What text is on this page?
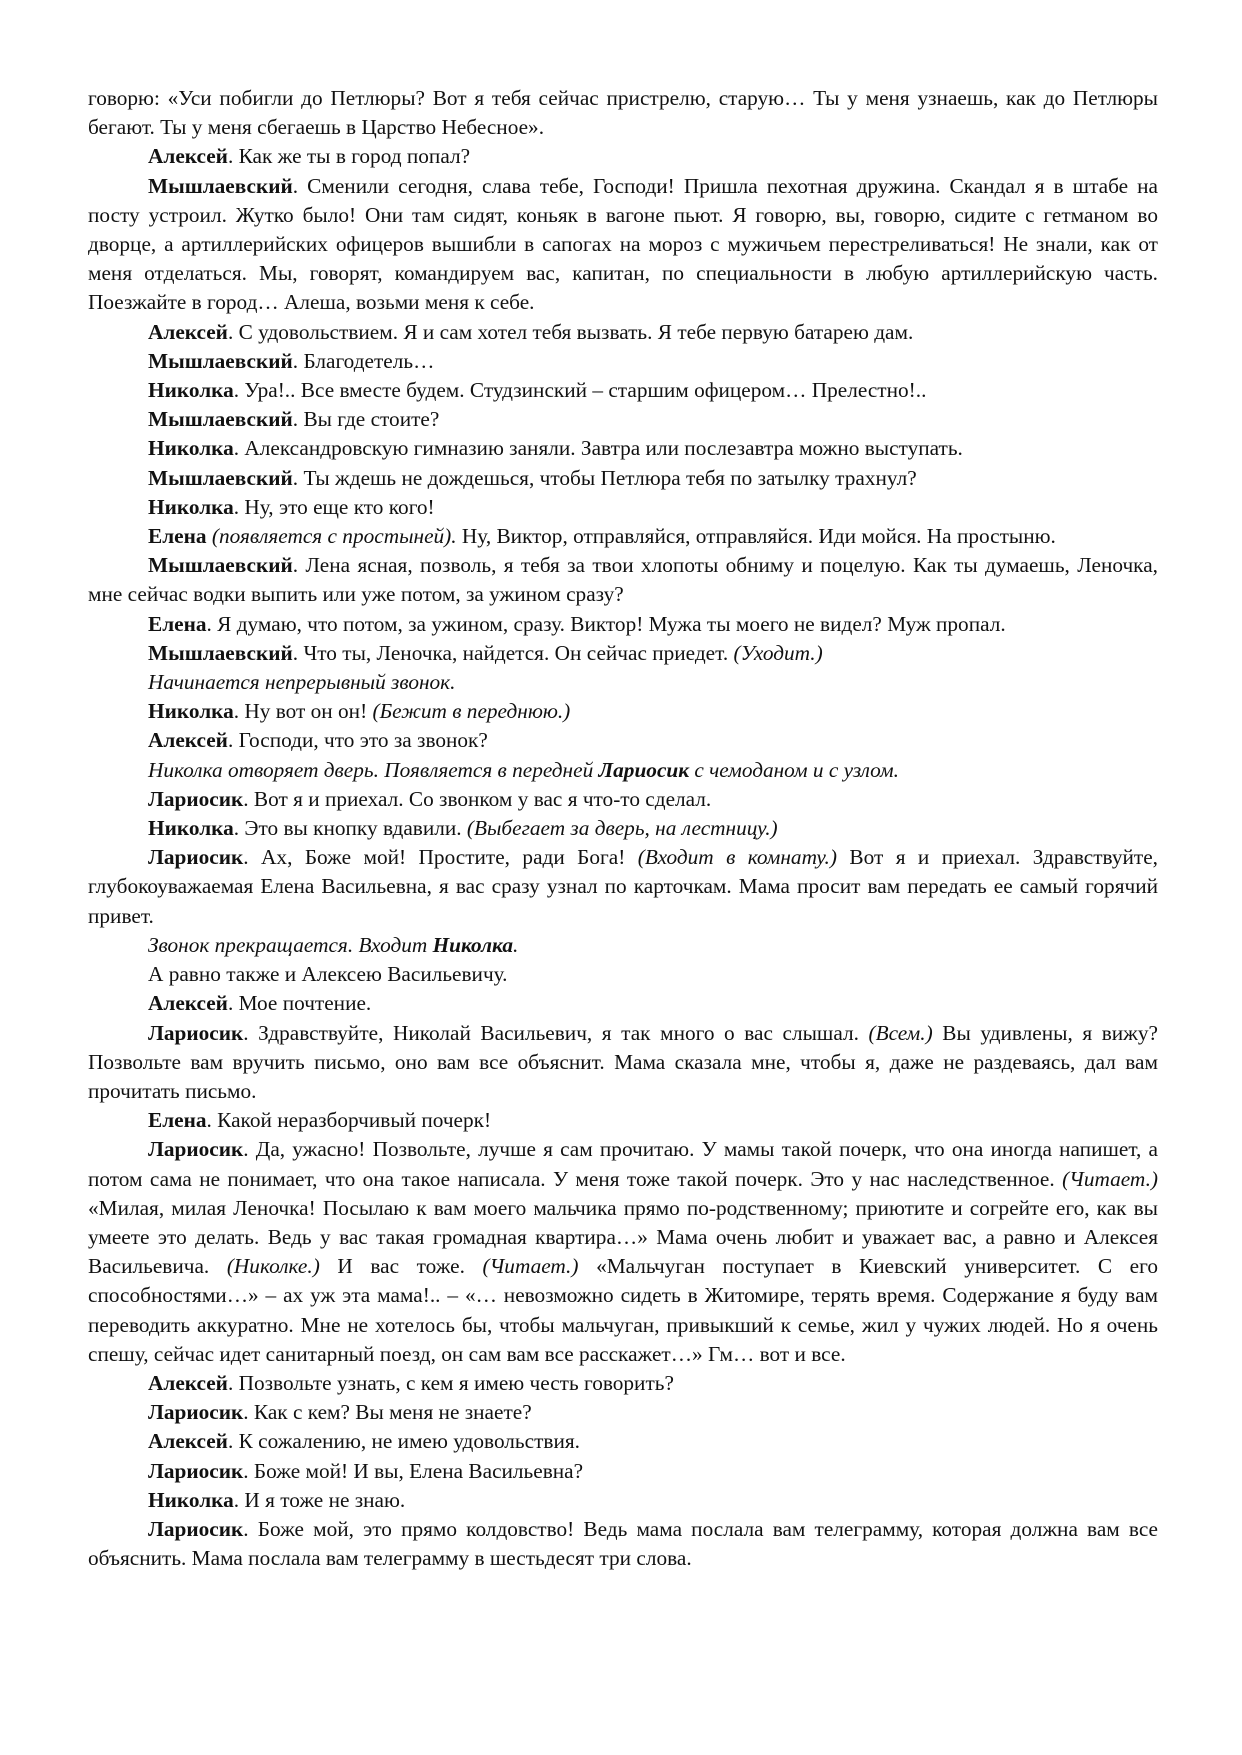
говорю: «Уси побигли до Петлюры? Вот я тебя сейчас пристрелю, старую… Ты у меня узнаешь, как до Петлюры бегают. Ты у меня сбегаешь в Царство Небесное».

Алексей. Как же ты в город попал?

Мышлаевский. Сменили сегодня, слава тебе, Господи! Пришла пехотная дружина. Скандал я в штабе на посту устроил. Жутко было! Они там сидят, коньяк в вагоне пьют. Я говорю, вы, говорю, сидите с гетманом во дворце, а артиллерийских офицеров вышибли в сапогах на мороз с мужичьем перестреливаться! Не знали, как от меня отделаться. Мы, говорят, командируем вас, капитан, по специальности в любую артиллерийскую часть. Поезжайте в город… Алеша, возьми меня к себе.

Алексей. С удовольствием. Я и сам хотел тебя вызвать. Я тебе первую батарею дам.

Мышлаевский. Благодетель…

Николка. Ура!.. Все вместе будем. Студзинский – старшим офицером… Прелестно!..

Мышлаевский. Вы где стоите?

Николка. Александровскую гимназию заняли. Завтра или послезавтра можно выступать.

Мышлаевский. Ты ждешь не дождешься, чтобы Петлюра тебя по затылку трахнул?

Николка. Ну, это еще кто кого!

Елена (появляется с простыней). Ну, Виктор, отправляйся, отправляйся. Иди мойся. На простыню.

Мышлаевский. Лена ясная, позволь, я тебя за твои хлопоты обниму и поцелую. Как ты думаешь, Леночка, мне сейчас водки выпить или уже потом, за ужином сразу?

Елена. Я думаю, что потом, за ужином, сразу. Виктор! Мужа ты моего не видел? Муж пропал.

Мышлаевский. Что ты, Леночка, найдется. Он сейчас приедет. (Уходит.)

Начинается непрерывный звонок.

Николка. Ну вот он он! (Бежит в переднюю.)

Алексей. Господи, что это за звонок?

Николка отворяет дверь. Появляется в передней Лариосик с чемоданом и с узлом.

Лариосик. Вот я и приехал. Со звонком у вас я что-то сделал.

Николка. Это вы кнопку вдавили. (Выбегает за дверь, на лестницу.)

Лариосик. Ах, Боже мой! Простите, ради Бога! (Входит в комнату.) Вот я и приехал. Здравствуйте, глубокоуважаемая Елена Васильевна, я вас сразу узнал по карточкам. Мама просит вам передать ее самый горячий привет.

Звонок прекращается. Входит Николка.

А равно также и Алексею Васильевичу.

Алексей. Мое почтение.

Лариосик. Здравствуйте, Николай Васильевич, я так много о вас слышал. (Всем.) Вы удивлены, я вижу? Позвольте вам вручить письмо, оно вам все объяснит. Мама сказала мне, чтобы я, даже не раздеваясь, дал вам прочитать письмо.

Елена. Какой неразборчивый почерк!

Лариосик. Да, ужасно! Позвольте, лучше я сам прочитаю. У мамы такой почерк, что она иногда напишет, а потом сама не понимает, что она такое написала. У меня тоже такой почерк. Это у нас наследственное. (Читает.) «Милая, милая Леночка! Посылаю к вам моего мальчика прямо по-родственному; приютите и согрейте его, как вы умеете это делать. Ведь у вас такая громадная квартира…» Мама очень любит и уважает вас, а равно и Алексея Васильевича. (Николке.) И вас тоже. (Читает.) «Мальчуган поступает в Киевский университет. С его способностями…» – ах уж эта мама!.. – «… невозможно сидеть в Житомире, терять время. Содержание я буду вам переводить аккуратно. Мне не хотелось бы, чтобы мальчуган, привыкший к семье, жил у чужих людей. Но я очень спешу, сейчас идет санитарный поезд, он сам вам все расскажет…» Гм… вот и все.

Алексей. Позвольте узнать, с кем я имею честь говорить?

Лариосик. Как с кем? Вы меня не знаете?

Алексей. К сожалению, не имею удовольствия.

Лариосик. Боже мой! И вы, Елена Васильевна?

Николка. И я тоже не знаю.

Лариосик. Боже мой, это прямо колдовство! Ведь мама послала вам телеграмму, которая должна вам все объяснить. Мама послала вам телеграмму в шестьдесят три слова.
